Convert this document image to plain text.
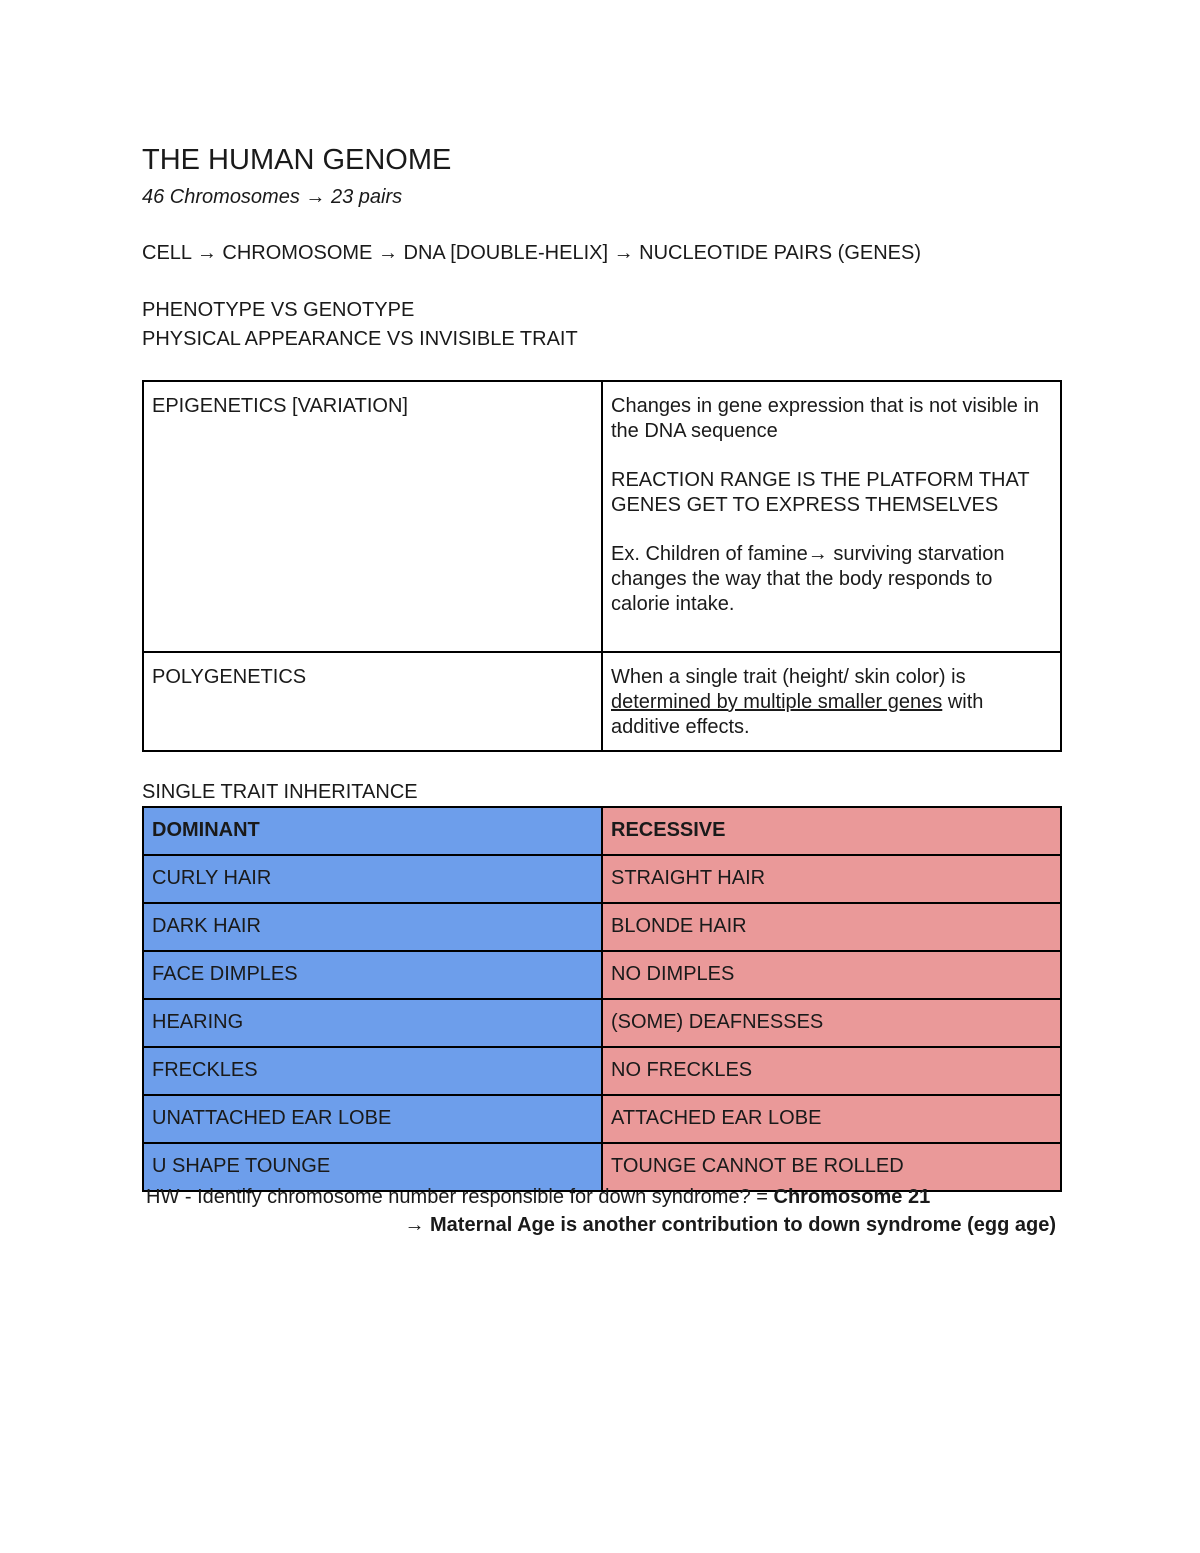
THE HUMAN GENOME
46 Chromosomes → 23 pairs
CELL → CHROMOSOME → DNA [DOUBLE-HELIX] → NUCLEOTIDE PAIRS (GENES)
PHENOTYPE VS GENOTYPE
PHYSICAL APPEARANCE VS INVISIBLE TRAIT
EPIGENETICS [VARIATION]	Changes in gene expression that is not visible in the DNA sequence

REACTION RANGE IS THE PLATFORM THAT GENES GET TO EXPRESS THEMSELVES

Ex. Children of famine→ surviving starvation changes the way that the body responds to calorie intake.

POLYGENETICS	When a single trait (height/ skin color) is determined by multiple smaller genes with additive effects.
SINGLE TRAIT INHERITANCE
DOMINANT	RECESSIVE
CURLY HAIR	STRAIGHT HAIR
DARK HAIR	BLONDE HAIR
FACE DIMPLES	NO DIMPLES
HEARING	(SOME) DEAFNESSES
FRECKLES	NO FRECKLES
UNATTACHED EAR LOBE	ATTACHED EAR LOBE
U SHAPE TOUNGE	TOUNGE CANNOT BE ROLLED
HW - Identify chromosome number responsible for down syndrome? = Chromosome 21
→ Maternal Age is another contribution to down syndrome (egg age)
